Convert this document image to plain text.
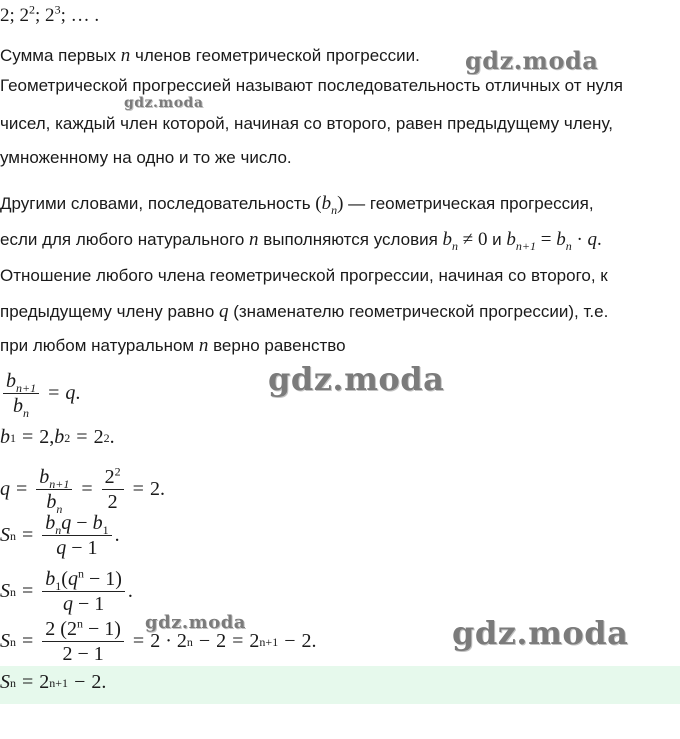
gdz.moda
gdz.moda
gdz.moda
gdz.moda	gdz.moda
2; $2^2$; $2^3$; … .
Сумма первых n членов геометрической прогрессии.
Геометрической прогрессией называют последовательность отличных от нуля
чисел, каждый член которой, начиная со второго, равен предыдущему члену,
умноженному на одно и то же число.
Другими словами, последовательность $(b_n)$ — геометрическая прогрессия,
если для любого натурального n выполняются условия $b_n \ne 0$ и $b_{n+1} = b_n \cdot q$.
Отношение любого члена геометрической прогрессии, начиная со второго, к
предыдущему члену равно q (знаменателю геометрической прогрессии), т.е.
при любом натуральном n верно равенство
$\frac{b_{n+1}}{b_n} = q$ .
b 1 = 2, b 2 = 2 2 .
$q = \frac{b_{n+1}}{b_n} = \frac{2^2}{2} = 2$.
S $n = \frac{b_nq - b_1}{q - 1}$ .
S $n = \frac{b_1(q^n - 1)}{q - 1}$ .
S $n = \frac{2 (2^n - 1)}{2 - 1} = 2 \cdot 2$ n − 2 = 2 n+1 − 2.
S n = 2 n+1 − 2.
